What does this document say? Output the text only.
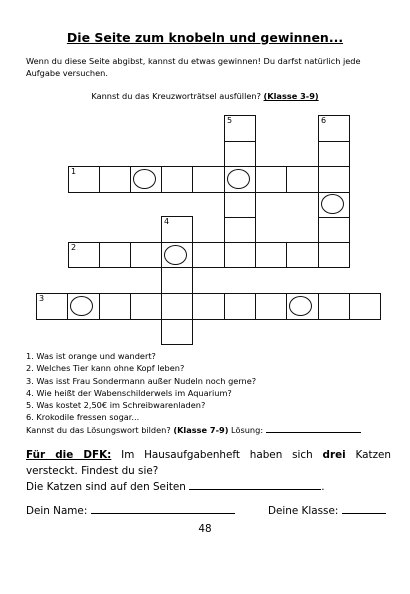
Die Seite zum knobeln und gewinnen...
Wenn du diese Seite abgibst, kannst du etwas gewinnen! Du darfst natürlich jede Aufgabe versuchen.
Kannst du das Kreuzworträtsel ausfüllen? (Klasse 3-9)
5	6
1
4
2
3
1. Was ist orange und wandert?
2. Welches Tier kann ohne Kopf leben?
3. Was isst Frau Sondermann außer Nudeln noch gerne?
4. Wie heißt der Wabenschilderwels im Aquarium?
5. Was kostet 2,50€ im Schreibwarenladen?
6. Krokodile fressen sogar...
Kannst du das Lösungswort bilden? (Klasse 7-9) Lösung:
Für die DFK: Im Hausaufgabenheft haben sich drei Katzen versteckt. Findest du sie?
Die Katzen sind auf den Seiten	.
Dein Name:	Deine Klasse:
48
